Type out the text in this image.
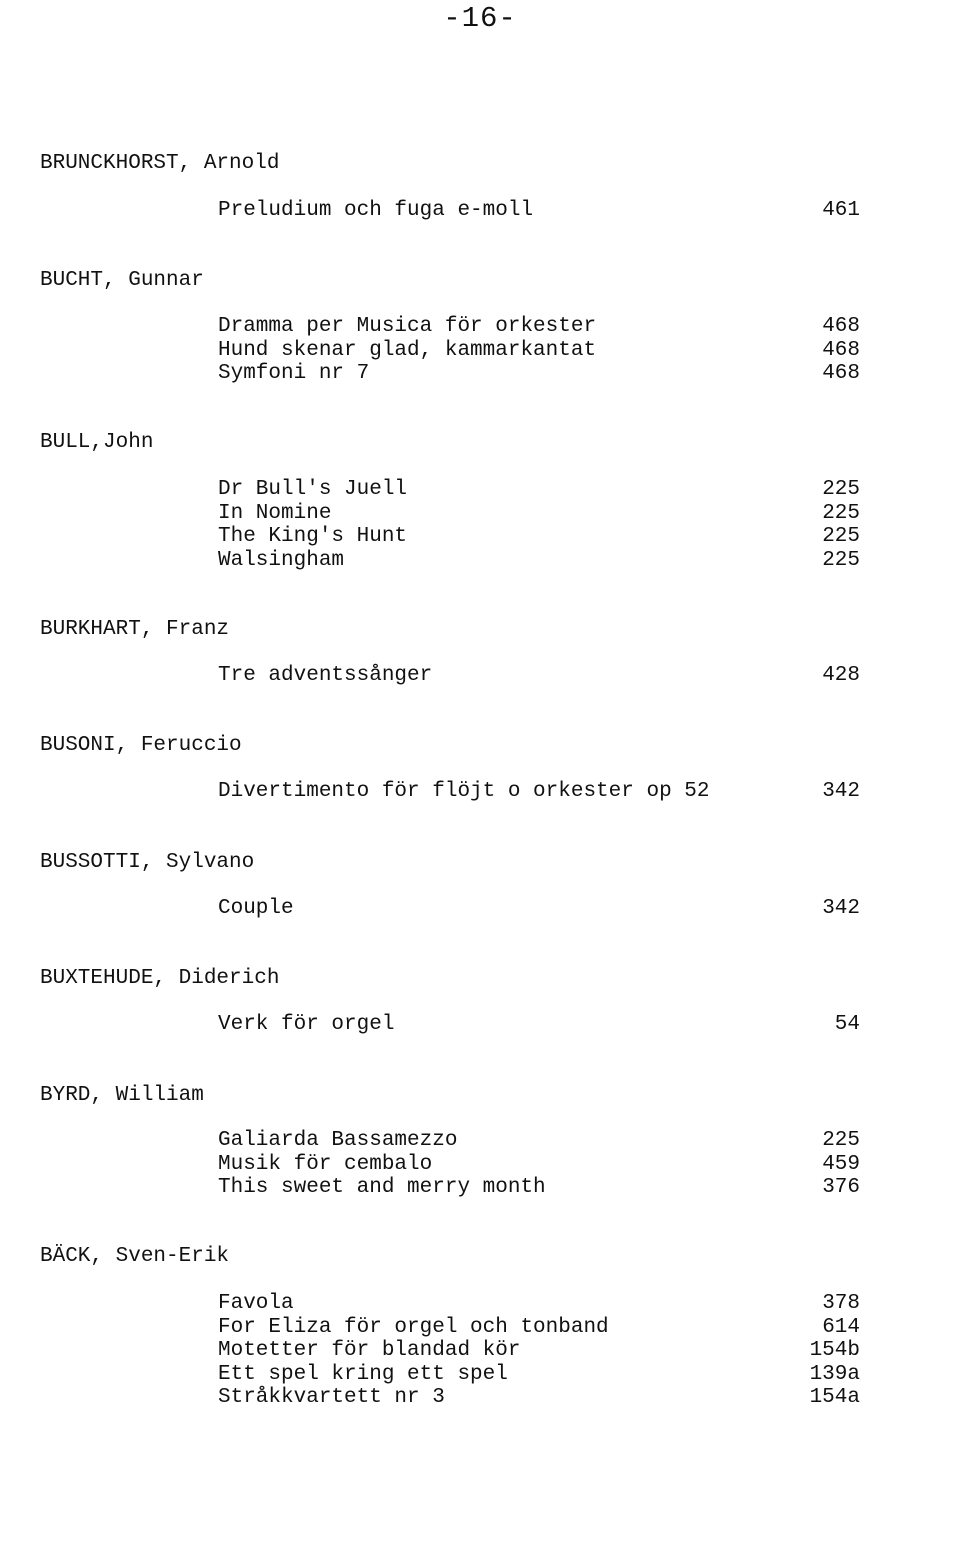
-16-
BRUNCKHORST, Arnold
Preludium och fuga e-moll	461
BUCHT, Gunnar
Dramma per Musica för orkester	468
Hund skenar glad, kammarkantat	468
Symfoni nr 7	468
BULL,John
Dr Bull's Juell	225
In Nomine	225
The King's Hunt	225
Walsingham	225
BURKHART, Franz
Tre adventssånger	428
BUSONI, Feruccio
Divertimento för flöjt o orkester op 52	342
BUSSOTTI, Sylvano
Couple	342
BUXTEHUDE, Diderich
Verk för orgel	54
BYRD, William
Galiarda Bassamezzo	225
Musik för cembalo	459
This sweet and merry month	376
BÄCK, Sven-Erik
Favola	378
For Eliza för orgel och tonband	614
Motetter för blandad kör	154b
Ett spel kring ett spel	139a
Stråkkvartett nr 3	154a
